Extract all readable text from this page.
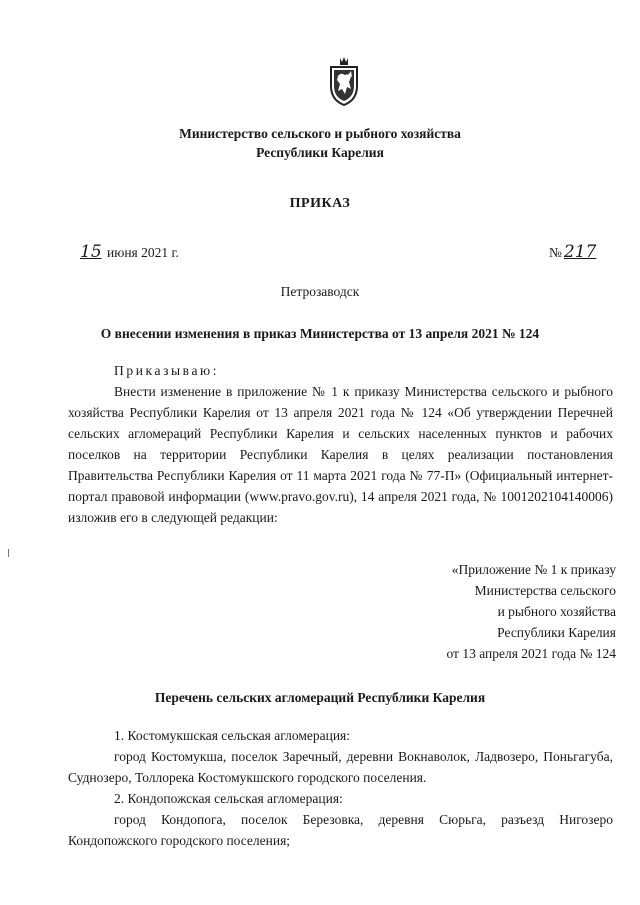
Министерство сельского и рыбного хозяйства
Республики Карелия
ПРИКАЗ
15 июня 2021 г.	№ 217
Петрозаводск
О внесении изменения в приказ Министерства от 13 апреля 2021 № 124
Приказываю:

Внести изменение в приложение № 1 к приказу Министерства сельского и рыбного хозяйства Республики Карелия от 13 апреля 2021 года № 124 «Об утверждении Перечней сельских агломераций Республики Карелия и сельских населенных пунктов и рабочих поселков на территории Республики Карелия в целях реализации постановления Правительства Республики Карелия от 11 марта 2021 года № 77-П» (Официальный интернет-портал правовой информации (www.pravo.gov.ru), 14 апреля 2021 года, № 1001202104140006) изложив его в следующей редакции:

«Приложение № 1 к приказу
Министерства сельского
и рыбного хозяйства
Республики Карелия
от 13 апреля 2021 года № 124
Перечень сельских агломераций Республики Карелия

1. Костомукшская сельская агломерация:

город Костомукша, поселок Заречный, деревни Вокнаволок, Ладвозеро, Поньгагуба, Суднозеро, Толлорека Костомукшского городского поселения.

2. Кондопожская сельская агломерация:

город Кондопога, поселок Березовка, деревня Сюрьга, разъезд Нигозеро Кондопожского городского поселения;
